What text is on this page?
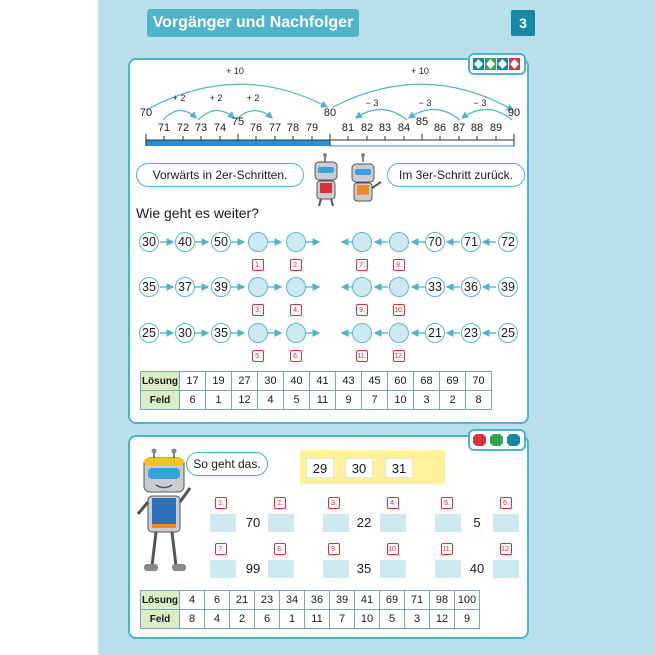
Vorgänger und Nachfolger	3
+ 10	+ 10
+ 2	+ 2	+ 2	− 3	− 3	− 3
70
71 72 73 74 75 76 77 78 79
80
81 82 83 84 85 86 87 88 89
90
Vorwärts in 2er-Schritten.	Im 3er-Schritt zurück.
Wie geht es weiter?
30 40 50	70 71 72
1.	2.	7.	8.
35 37 39	33 36 39
3.	4.	9.	10.
25 30 35	21 23 25
5.	6.	11.	12.
Lösung	17	19	27	30	40	41	43	45	60	68	69	70
Feld	6	1	12	4	5	11	9	7	10	3	2	8
So geht das.	29	30	31
1.	2.	3.	4.	5.	6.
70	22	5
7.	8.	9.	10.	11.	12.
99	35	40
Lösung	4	6	21	23	34	36	39	41	69	71	98	100
Feld	8	4	2	6	1	11	7	10	5	3	12	9
